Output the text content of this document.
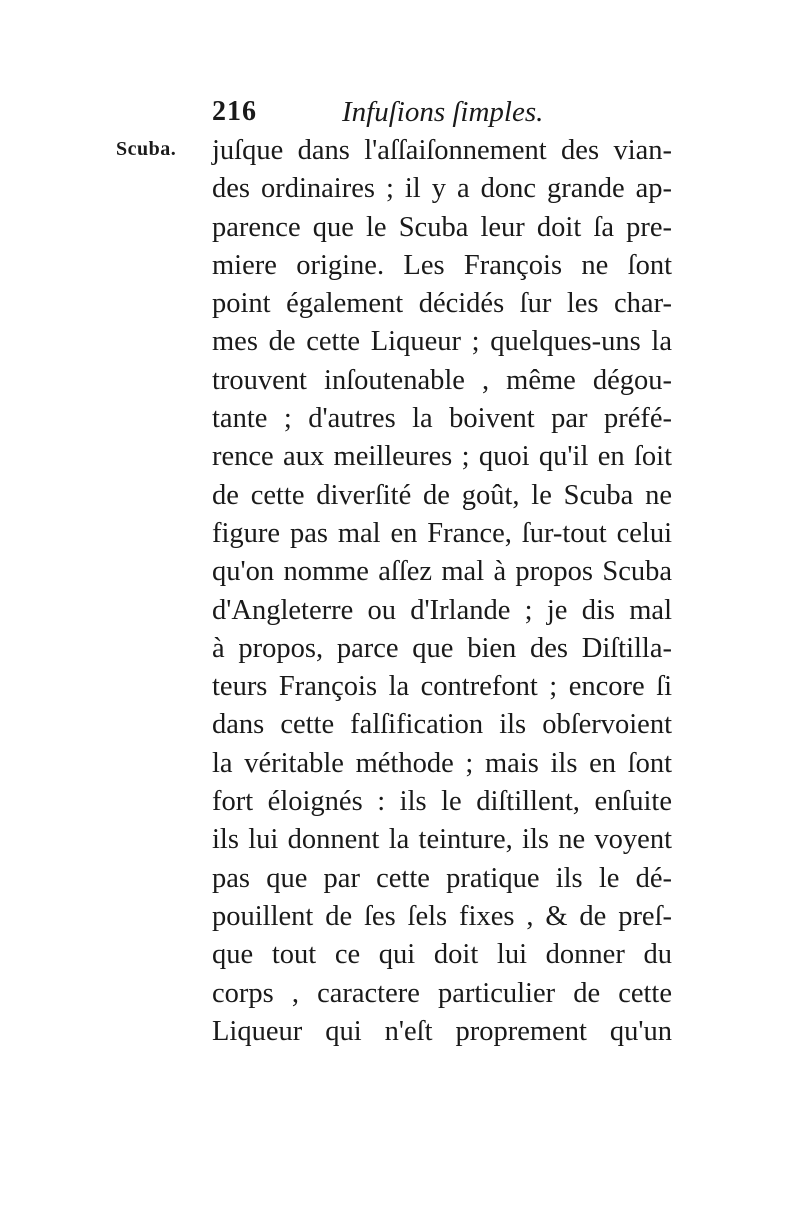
216	Infuſions ſimples.
Scuba. juſque dans l'aſſaiſonnement des vian-
des ordinaires ; il y a donc grande ap-
parence que le Scuba leur doit ſa pre-
miere origine. Les François ne ſont
point également décidés ſur les char-
mes de cette Liqueur ; quelques-uns la
trouvent inſoutenable , même dégou-
tante ; d'autres la boivent par préfé-
rence aux meilleures ; quoi qu'il en ſoit
de cette diverſité de goût, le Scuba ne
figure pas mal en France, ſur-tout celui
qu'on nomme aſſez mal à propos Scuba
d'Angleterre ou d'Irlande ; je dis mal
à propos, parce que bien des Diſtilla-
teurs François la contrefont ; encore ſi
dans cette falſification ils obſervoient
la véritable méthode ; mais ils en ſont
fort éloignés : ils le diſtillent, enſuite
ils lui donnent la teinture, ils ne voyent
pas que par cette pratique ils le dé-
pouillent de ſes ſels fixes , & de preſ-
que tout ce qui doit lui donner du
corps , caractere particulier de cette
Liqueur qui n'eſt proprement qu'un
